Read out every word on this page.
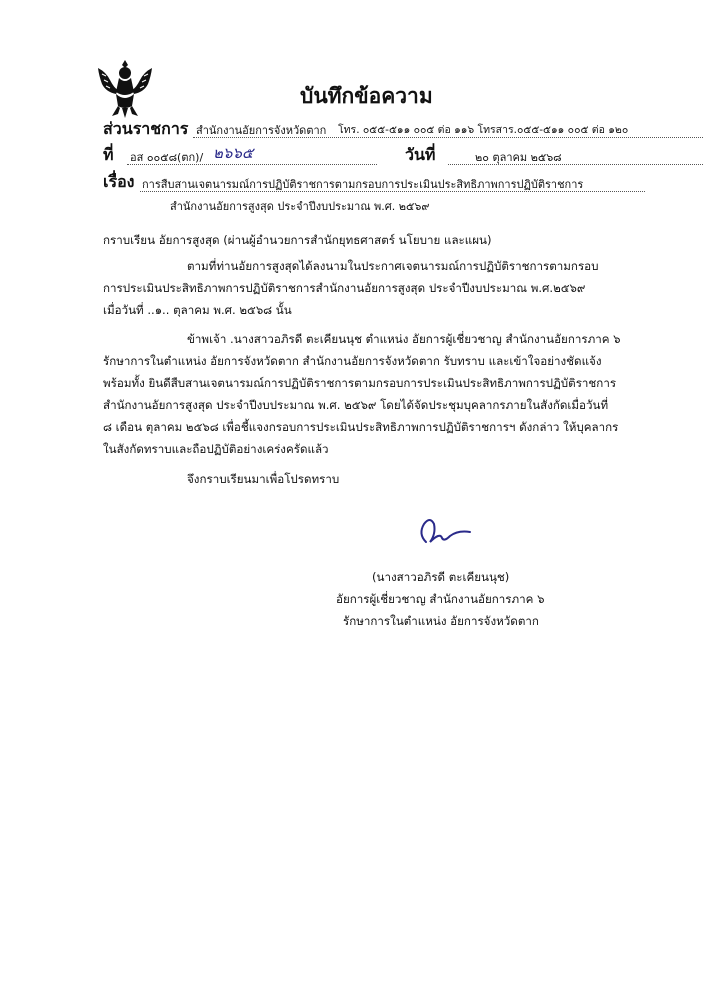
บันทึกข้อความ
ส่วนราชการ สำนักงานอัยการจังหวัดตาก โทร. ๐๕๕-๕๑๑ ๐๐๕ ต่อ ๑๑๖ โทรสาร.๐๕๕-๕๑๑ ๐๐๕ ต่อ ๑๒๐
ที่ อส ๐๐๕๘(ตก)/ ๒๖๖๕	วันที่	๒๐ ตุลาคม ๒๕๖๘
เรื่อง การสืบสานเจตนารมณ์การปฏิบัติราชการตามกรอบการประเมินประสิทธิภาพการปฏิบัติราชการ
สำนักงานอัยการสูงสุด ประจำปีงบประมาณ พ.ศ. ๒๕๖๙
กราบเรียน อัยการสูงสุด (ผ่านผู้อำนวยการสำนักยุทธศาสตร์ นโยบาย และแผน)
ตามที่ท่านอัยการสูงสุดได้ลงนามในประกาศเจตนารมณ์การปฏิบัติราชการตามกรอบ
การประเมินประสิทธิภาพการปฏิบัติราชการสำนักงานอัยการสูงสุด ประจำปีงบประมาณ พ.ศ.๒๕๖๙
เมื่อวันที่ ..๑.. ตุลาคม พ.ศ. ๒๕๖๘ นั้น
ข้าพเจ้า .นางสาวอภิรดี ตะเคียนนุช ตำแหน่ง อัยการผู้เชี่ยวชาญ สำนักงานอัยการภาค ๖
รักษาการในตำแหน่ง อัยการจังหวัดตาก สำนักงานอัยการจังหวัดตาก รับทราบ และเข้าใจอย่างชัดแจ้ง
พร้อมทั้ง ยินดีสืบสานเจตนารมณ์การปฏิบัติราชการตามกรอบการประเมินประสิทธิภาพการปฏิบัติราชการ
สำนักงานอัยการสูงสุด ประจำปีงบประมาณ พ.ศ. ๒๕๖๙ โดยได้จัดประชุมบุคลากรภายในสังกัดเมื่อวันที่
๘ เดือน ตุลาคม ๒๕๖๘ เพื่อชี้แจงกรอบการประเมินประสิทธิภาพการปฏิบัติราชการฯ ดังกล่าว ให้บุคลากร
ในสังกัดทราบและถือปฏิบัติอย่างเคร่งครัดแล้ว
จึงกราบเรียนมาเพื่อโปรดทราบ
(นางสาวอภิรดี ตะเคียนนุช)
อัยการผู้เชี่ยวชาญ สำนักงานอัยการภาค ๖
รักษาการในตำแหน่ง อัยการจังหวัดตาก
